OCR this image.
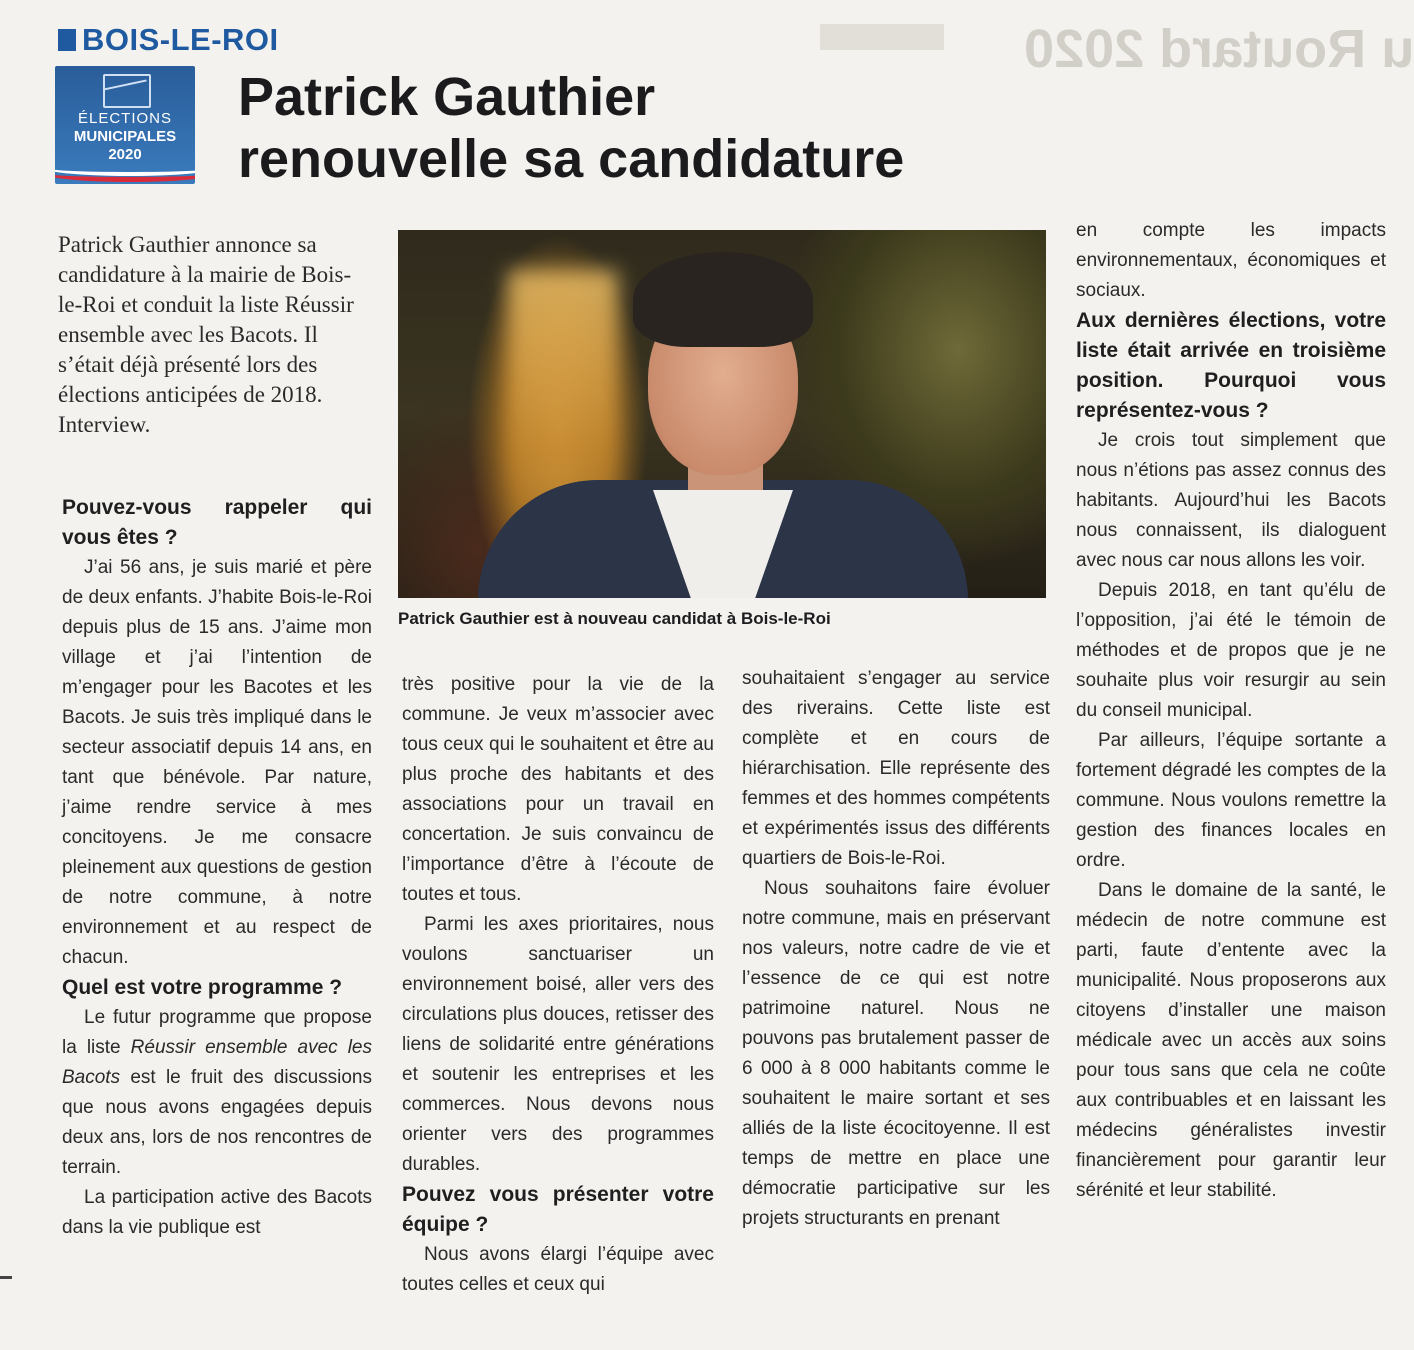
u Routard 2020
BOIS-LE-ROI
ÉLECTIONS
MUNICIPALES
2020
Patrick Gauthier
renouvelle sa candidature
Patrick Gauthier annonce sa candidature à la mairie de Bois-le-Roi et conduit la liste Réussir ensemble avec les Bacots. Il s’était déjà présenté lors des élections anticipées de 2018. Interview.
Patrick Gauthier est à nouveau candidat à Bois-le-Roi
Pouvez-vous rappeler qui vous êtes ?

J’ai 56 ans, je suis marié et père de deux enfants. J’habite Bois-le-Roi depuis plus de 15 ans. J’aime mon village et j’ai l’intention de m’engager pour les Bacotes et les Bacots. Je suis très impliqué dans le secteur associatif depuis 14 ans, en tant que bénévole. Par nature, j’aime rendre service à mes concitoyens. Je me consacre pleinement aux questions de gestion de notre commune, à notre environnement et au respect de chacun.

Quel est votre programme ?

Le futur programme que propose la liste Réussir ensemble avec les Bacots est le fruit des discussions que nous avons engagées depuis deux ans, lors de nos rencontres de terrain.

La participation active des Bacots dans la vie publique est

très positive pour la vie de la commune. Je veux m’associer avec tous ceux qui le souhaitent et être au plus proche des habitants et des associations pour un travail en concertation. Je suis convaincu de l’importance d’être à l’écoute de toutes et tous.

Parmi les axes prioritaires, nous voulons sanctuariser un environnement boisé, aller vers des circulations plus douces, retisser des liens de solidarité entre générations et soutenir les entreprises et les commerces. Nous devons nous orienter vers des programmes durables.

Pouvez vous présenter votre équipe ?

Nous avons élargi l’équipe avec toutes celles et ceux qui

souhaitaient s’engager au service des riverains. Cette liste est complète et en cours de hiérarchisation. Elle représente des femmes et des hommes compétents et expérimentés issus des différents quartiers de Bois-le-Roi.

Nous souhaitons faire évoluer notre commune, mais en préservant nos valeurs, notre cadre de vie et l’essence de ce qui est notre patrimoine naturel. Nous ne pouvons pas brutalement passer de 6 000 à 8 000 habitants comme le souhaitent le maire sortant et ses alliés de la liste écocitoyenne. Il est temps de mettre en place une démocratie participative sur les projets structurants en prenant

en compte les impacts environnementaux, économiques et sociaux.

Aux dernières élections, votre liste était arrivée en troisième position. Pourquoi vous représentez-vous ?

Je crois tout simplement que nous n’étions pas assez connus des habitants. Aujourd’hui les Bacots nous connaissent, ils dialoguent avec nous car nous allons les voir.

Depuis 2018, en tant qu’élu de l’opposition, j’ai été le témoin de méthodes et de propos que je ne souhaite plus voir resurgir au sein du conseil municipal.

Par ailleurs, l’équipe sortante a fortement dégradé les comptes de la commune. Nous voulons remettre la gestion des finances locales en ordre.

Dans le domaine de la santé, le médecin de notre commune est parti, faute d’entente avec la municipalité. Nous proposerons aux citoyens d’installer une maison médicale avec un accès aux soins pour tous sans que cela ne coûte aux contribuables et en laissant les médecins généralistes investir financièrement pour garantir leur sérénité et leur stabilité.
